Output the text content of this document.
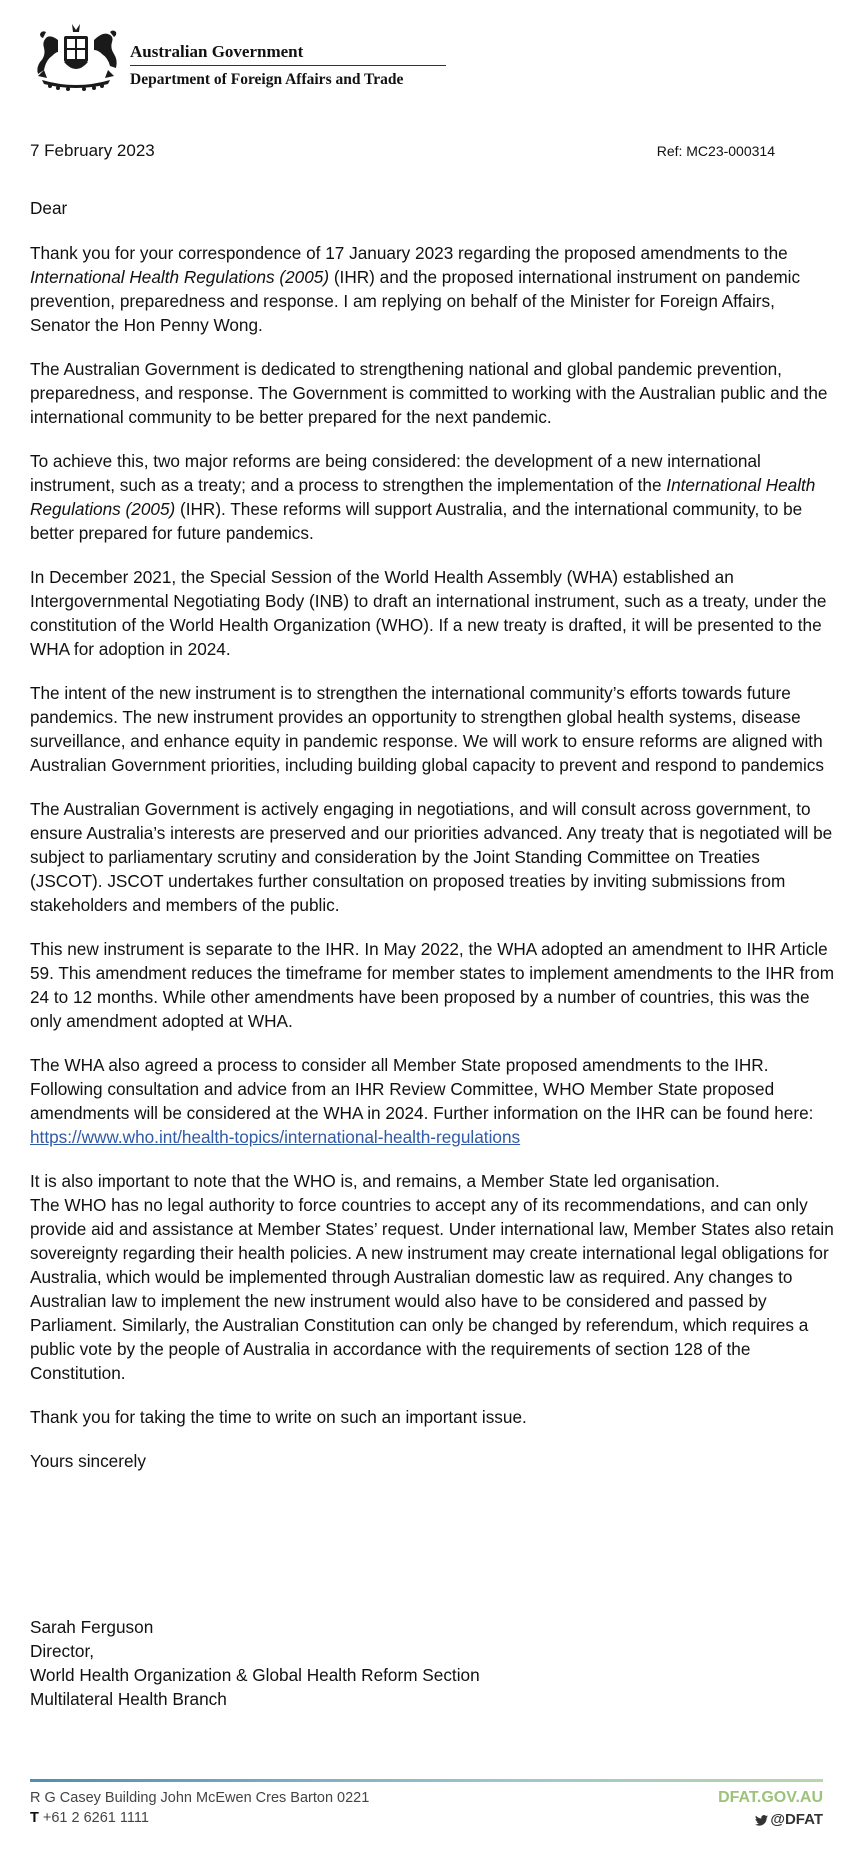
Australian Government
Department of Foreign Affairs and Trade
7 February 2023	Ref: MC23-000314

Dear

Thank you for your correspondence of 17 January 2023 regarding the proposed amendments to the International Health Regulations (2005) (IHR) and the proposed international instrument on pandemic prevention, preparedness and response. I am replying on behalf of the Minister for Foreign Affairs, Senator the Hon Penny Wong.

The Australian Government is dedicated to strengthening national and global pandemic prevention, preparedness, and response. The Government is committed to working with the Australian public and the international community to be better prepared for the next pandemic.

To achieve this, two major reforms are being considered: the development of a new international instrument, such as a treaty; and a process to strengthen the implementation of the International Health Regulations (2005) (IHR). These reforms will support Australia, and the international community, to be better prepared for future pandemics.

In December 2021, the Special Session of the World Health Assembly (WHA) established an Intergovernmental Negotiating Body (INB) to draft an international instrument, such as a treaty, under the constitution of the World Health Organization (WHO). If a new treaty is drafted, it will be presented to the WHA for adoption in 2024.

The intent of the new instrument is to strengthen the international community’s efforts towards future pandemics. The new instrument provides an opportunity to strengthen global health systems, disease surveillance, and enhance equity in pandemic response. We will work to ensure reforms are aligned with Australian Government priorities, including building global capacity to prevent and respond to pandemics

The Australian Government is actively engaging in negotiations, and will consult across government, to ensure Australia’s interests are preserved and our priorities advanced. Any treaty that is negotiated will be subject to parliamentary scrutiny and consideration by the Joint Standing Committee on Treaties (JSCOT). JSCOT undertakes further consultation on proposed treaties by inviting submissions from stakeholders and members of the public.

This new instrument is separate to the IHR. In May 2022, the WHA adopted an amendment to IHR Article 59. This amendment reduces the timeframe for member states to implement amendments to the IHR from 24 to 12 months. While other amendments have been proposed by a number of countries, this was the only amendment adopted at WHA.

The WHA also agreed a process to consider all Member State proposed amendments to the IHR. Following consultation and advice from an IHR Review Committee, WHO Member State proposed amendments will be considered at the WHA in 2024. Further information on the IHR can be found here: https://www.who.int/health-topics/international-health-regulations

It is also important to note that the WHO is, and remains, a Member State led organisation.
The WHO has no legal authority to force countries to accept any of its recommendations, and can only provide aid and assistance at Member States’ request. Under international law, Member States also retain sovereignty regarding their health policies. A new instrument may create international legal obligations for Australia, which would be implemented through Australian domestic law as required. Any changes to Australian law to implement the new instrument would also have to be considered and passed by Parliament. Similarly, the Australian Constitution can only be changed by referendum, which requires a public vote by the people of Australia in accordance with the requirements of section 128 of the Constitution.

Thank you for taking the time to write on such an important issue.

Yours sincerely

Sarah Ferguson
Director,
World Health Organization & Global Health Reform Section
Multilateral Health Branch
R G Casey Building John McEwen Cres Barton 0221
T +61 2 6261 1111
DFAT.GOV.AU
@DFAT
